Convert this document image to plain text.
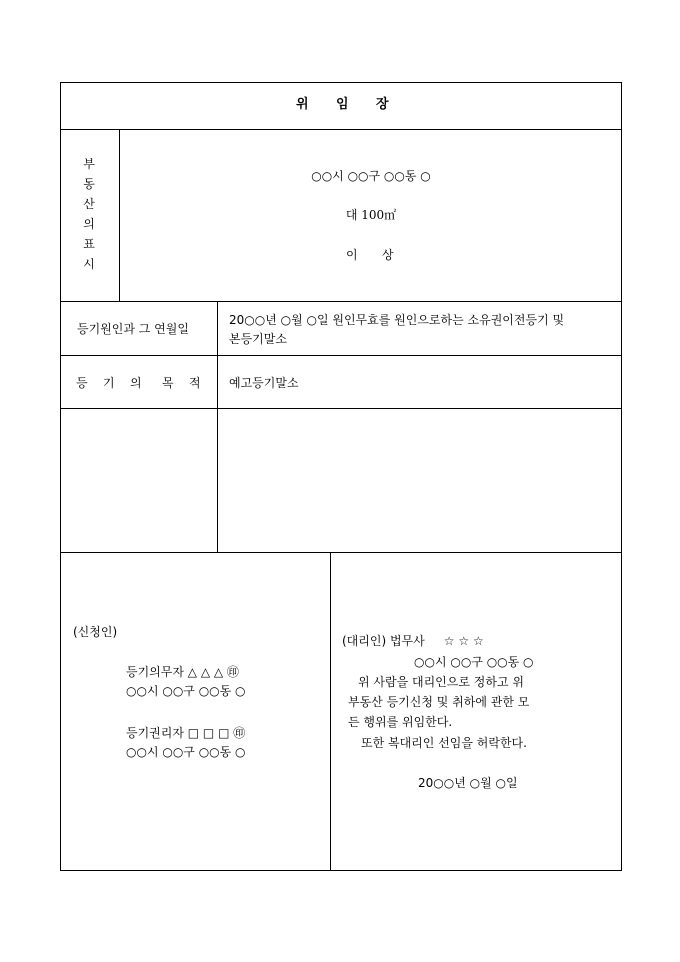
위 임 장
부
동
산
의
표
시
○○시 ○○구 ○○동 ○
대 100㎡
이 상
등기원인과 그 연월일
20○○년 ○월 ○일 원인무효를 원인으로하는 소유권이전등기 및
본등기말소
등 기 의 목 적 예고등기말소
(신청인)
등기의무자 △ △ △ ㊞
○○시 ○○구 ○○동 ○
등기권리자 □ □ □ ㊞
○○시 ○○구 ○○동 ○
(대리인) 법무사     ☆ ☆ ☆
○○시 ○○구 ○○동 ○
위 사람을 대리인으로 정하고 위
부동산 등기신청 및 취하에 관한 모
든 행위를 위임한다.
또한 복대리인 선임을 허락한다.
20○○년 ○월 ○일
